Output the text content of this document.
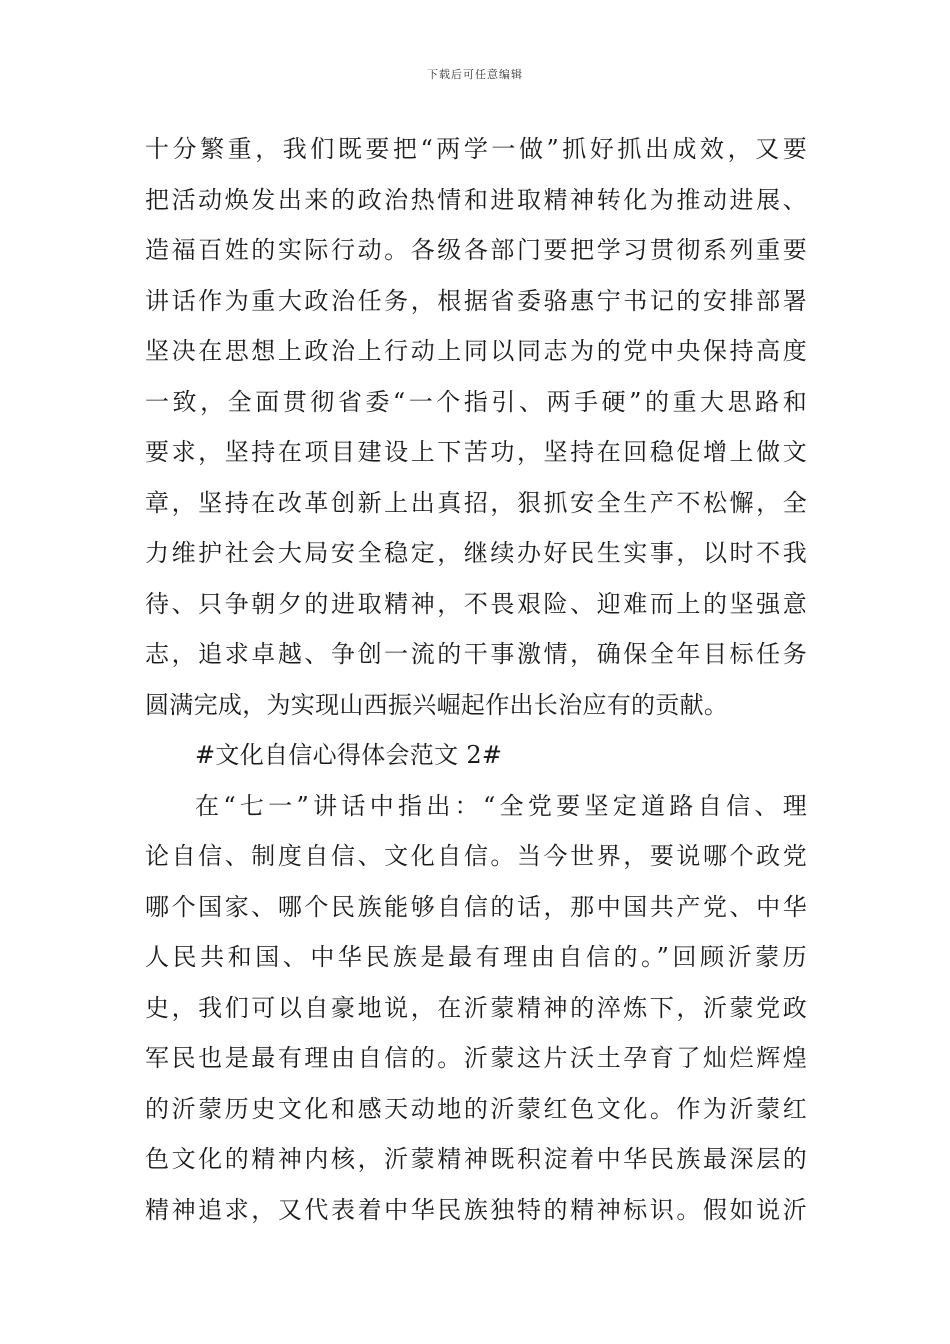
下载后可任意编辑
十分繁重，我们既要把“两学一做”抓好抓出成效，又要
把活动焕发出来的政治热情和进取精神转化为推动进展、
造福百姓的实际行动。各级各部门要把学习贯彻系列重要
讲话作为重大政治任务，根据省委骆惠宁书记的安排部署
坚决在思想上政治上行动上同以同志为的党中央保持高度
一致，全面贯彻省委“一个指引、两手硬”的重大思路和
要求，坚持在项目建设上下苦功，坚持在回稳促增上做文
章，坚持在改革创新上出真招，狠抓安全生产不松懈，全
力维护社会大局安全稳定，继续办好民生实事，以时不我
待、只争朝夕的进取精神，不畏艰险、迎难而上的坚强意
志，追求卓越、争创一流的干事激情，确保全年目标任务
圆满完成，为实现山西振兴崛起作出长治应有的贡献。
#文化自信心得体会范文 2#
在“七一”讲话中指出：“全党要坚定道路自信、理
论自信、制度自信、文化自信。当今世界，要说哪个政党
哪个国家、哪个民族能够自信的话，那中国共产党、中华
人民共和国、中华民族是最有理由自信的。”回顾沂蒙历
史，我们可以自豪地说，在沂蒙精神的淬炼下，沂蒙党政
军民也是最有理由自信的。沂蒙这片沃土孕育了灿烂辉煌
的沂蒙历史文化和感天动地的沂蒙红色文化。作为沂蒙红
色文化的精神内核，沂蒙精神既积淀着中华民族最深层的
精神追求，又代表着中华民族独特的精神标识。假如说沂
